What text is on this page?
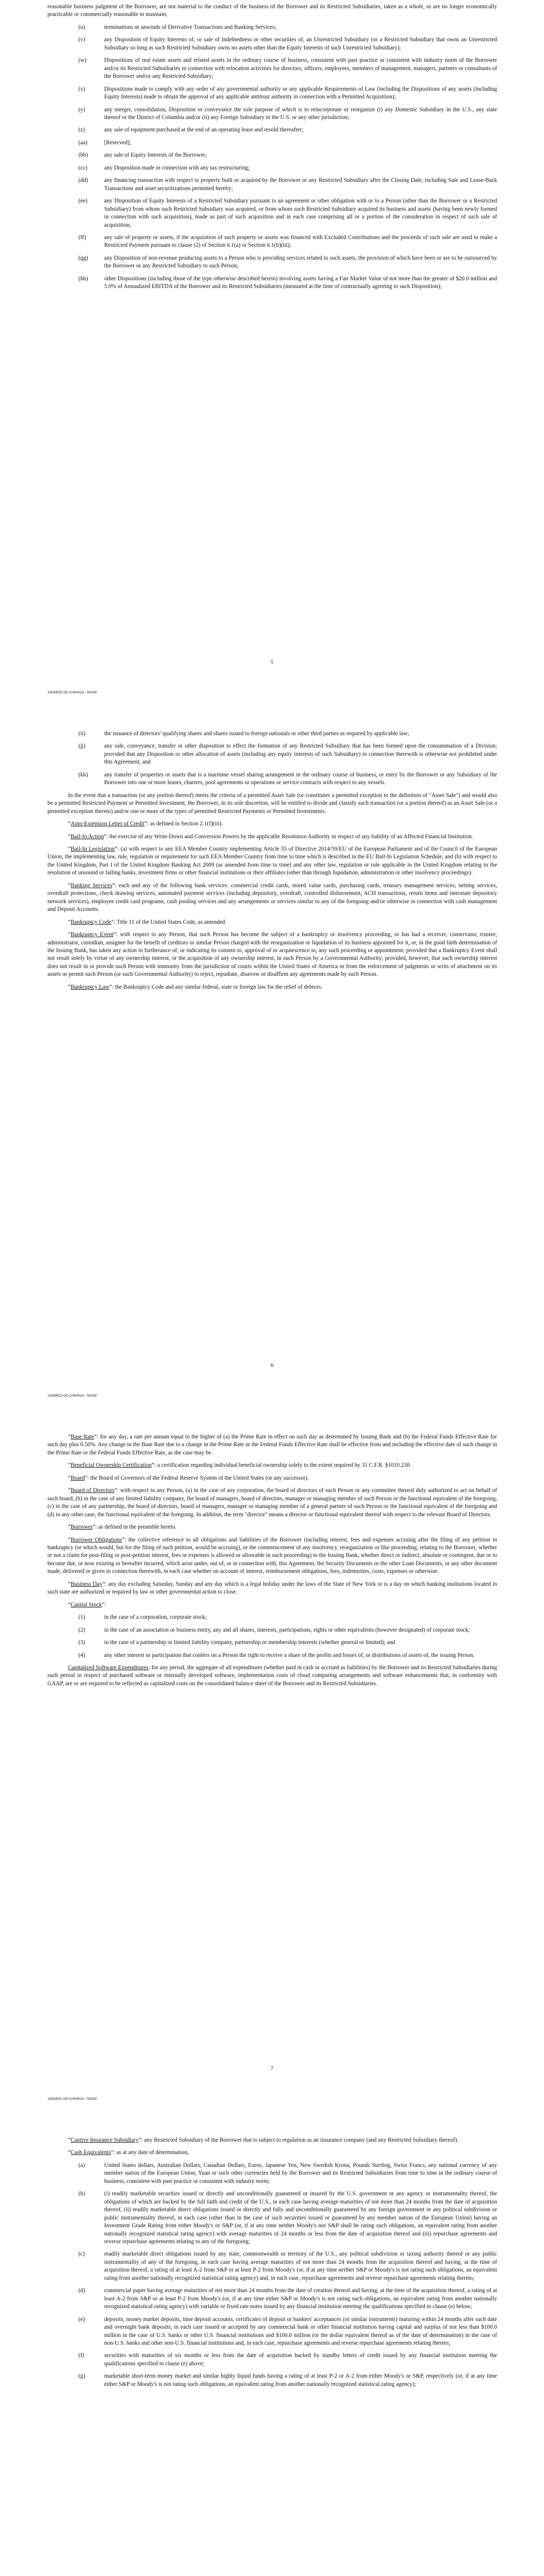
reasonable business judgment of the Borrower, are not material to the conduct of the business of the Borrower and its Restricted Subsidiaries, taken as a whole, or are no longer economically practicable or commercially reasonable to maintain;

(u)	terminations or unwinds of Derivative Transactions and Banking Services;
(v)	any Disposition of Equity Interests of, or sale of Indebtedness or other securities of, an Unrestricted Subsidiary (or a Restricted Subsidiary that owns an Unrestricted Subsidiary so long as such Restricted Subsidiary owns no assets other than the Equity Interests of such Unrestricted Subsidiary);
(w)	Dispositions of real estate assets and related assets in the ordinary course of business, consistent with past practice or consistent with industry norm of the Borrower and/or its Restricted Subsidiaries in connection with relocation activities for directors, officers, employees, members of management, managers, partners or consultants of the Borrower and/or any Restricted Subsidiary;
(x)	Dispositions made to comply with any order of any governmental authority or any applicable Requirements of Law (including the Dispositions of any assets (including Equity Interests) made to obtain the approval of any applicable antitrust authority in connection with a Permitted Acquisition);
(y)	any merger, consolidation, Disposition or conveyance the sole purpose of which is to reincorporate or reorganize (i) any Domestic Subsidiary in the U.S., any state thereof or the District of Columbia and/or (ii) any Foreign Subsidiary in the U.S. or any other jurisdiction;
(z)	any sale of equipment purchased at the end of an operating lease and resold thereafter;
(aa)	[Reserved];
(bb)	any sale of Equity Interests of the Borrower;
(cc)	any Disposition made in connection with any tax restructuring;
(dd)	any financing transaction with respect to property built or acquired by the Borrower or any Restricted Subsidiary after the Closing Date, including Sale and Lease-Back Transactions and asset securitizations permitted hereby;
(ee)	any Disposition of Equity Interests of a Restricted Subsidiary pursuant to an agreement or other obligation with or to a Person (other than the Borrower or a Restricted Subsidiary) from whom such Restricted Subsidiary was acquired, or from whom such Restricted Subsidiary acquired its business and assets (having been newly formed in connection with such acquisition), made as part of such acquisition and in each case comprising all or a portion of the consideration in respect of such sale of acquisition;
(ff)	any sale of property or assets, if the acquisition of such property or assets was financed with Excluded Contributions and the proceeds of such sale are used to make a Restricted Payment pursuant to clause (2) of Section 6.1(a) or Section 6.1(b)(iii);
(gg)	any Disposition of non-revenue producing assets to a Person who is providing services related to such assets, the provision of which have been or are to be outsourced by the Borrower or any Restricted Subsidiary to such Person;
(hh)	other Dispositions (including those of the type otherwise described herein) involving assets having a Fair Market Value of not more than the greater of $20.0 million and 5.0% of Annualized EBITDA of the Borrower and its Restricted Subsidiaries (measured at the time of contractually agreeing to such Disposition);
5
10NMDD-06-CHKRGA - MSIM
(ii)	the issuance of directors' qualifying shares and shares issued to foreign nationals or other third parties as required by applicable law;
(jj)	any sale, conveyance, transfer or other disposition to effect the formation of any Restricted Subsidiary that has been formed upon the consummation of a Division; provided that any Disposition or other allocation of assets (including any equity interests of such Subsidiary) in connection therewith is otherwise not prohibited under this Agreement; and
(kk)	any transfer of properties or assets that is a maritime vessel sharing arrangement in the ordinary course of business, or entry by the Borrower or any Subsidiary of the Borrower into one or more leases, charters, pool agreements or operations or service contracts with respect to any vessels.

In the event that a transaction (or any portion thereof) meets the criteria of a permitted Asset Sale (or constitutes a permitted exception to the definition of "Asset Sale") and would also be a permitted Restricted Payment or Permitted Investment, the Borrower, in its sole discretion, will be entitled to divide and classify such transaction (or a portion thereof) as an Asset Sale (or a permitted exception thereto) and/or one or more of the types of permitted Restricted Payments or Permitted Investments.

“Auto-Extension Letter of Credit”: as defined in Section 2.1(f)(iii).

“Bail-In Action”: the exercise of any Write-Down and Conversion Powers by the applicable Resolution Authority in respect of any liability of an Affected Financial Institution.

“Bail-In Legislation”: (a) with respect to any EEA Member Country implementing Article 55 of Directive 2014/59/EU of the European Parliament and of the Council of the European Union, the implementing law, rule, regulation or requirement for such EEA Member Country from time to time which is described in the EU Bail-In Legislation Schedule, and (b) with respect to the United Kingdom, Part I of the United Kingdom Banking Act 2009 (as amended from time to time) and any other law, regulation or rule applicable in the United Kingdom relating to the resolution of unsound or failing banks, investment firms or other financial institutions or their affiliates (other than through liquidation, administration or other insolvency proceedings).

“Banking Services”: each and any of the following bank services: commercial credit cards, stored value cards, purchasing cards, treasury management services, netting services, overdraft protections, check drawing services, automated payment services (including depository, overdraft, controlled disbursement, ACH transactions, return items and interstate depository network services), employee credit card programs, cash pooling services and any arrangements or services similar to any of the foregoing and/or otherwise in connection with cash management and Deposit Accounts.

“Bankruptcy Code”: Title 11 of the United States Code, as amended.

“Bankruptcy Event”: with respect to any Person, that such Person has become the subject of a bankruptcy or insolvency proceeding, or has had a receiver, conservator, trustee, administrator, custodian, assignee for the benefit of creditors or similar Person charged with the reorganization or liquidation of its business appointed for it, or, in the good faith determination of the Issuing Bank, has taken any action in furtherance of, or indicating its consent to, approval of or acquiescence in, any such proceeding or appointment; provided that a Bankruptcy Event shall not result solely by virtue of any ownership interest, or the acquisition of any ownership interest, in such Person by a Governmental Authority; provided, however, that such ownership interest does not result in or provide such Person with immunity from the jurisdiction of courts within the United States of America or from the enforcement of judgments or writs of attachment on its assets or permit such Person (or such Governmental Authority) to reject, repudiate, disavow or disaffirm any agreements made by such Person.

“Bankruptcy Law”: the Bankruptcy Code and any similar federal, state or foreign law for the relief of debtors.

6
10NMDD-06-CHKRGA - MSIM

“Base Rate”: for any day, a rate per annum equal to the higher of (a) the Prime Rate in effect on such day as determined by Issuing Bank and (b) the Federal Funds Effective Rate for such day plus 0.50%. Any change in the Base Rate due to a change in the Prime Rate or the Federal Funds Effective Rate shall be effective from and including the effective date of such change in the Prime Rate or the Federal Funds Effective Rate, as the case may be.

“Beneficial Ownership Certification”: a certification regarding individual beneficial ownership solely to the extent required by 31 C.F.R. §1010.230.

“Board”: the Board of Governors of the Federal Reserve System of the United States (or any successor).

“Board of Directors”: with respect to any Person, (a) in the case of any corporation, the board of directors of such Person or any committee thereof duly authorized to act on behalf of such board, (b) in the case of any limited liability company, the board of managers, board of directors, manager or managing member of such Person or the functional equivalent of the foregoing, (c) in the case of any partnership, the board of directors, board of managers, manager or managing member of a general partner of such Person or the functional equivalent of the foregoing and (d) in any other case, the functional equivalent of the foregoing. In addition, the term "director" means a director or functional equivalent thereof with respect to the relevant Board of Directors.

“Borrower”: as defined in the preamble hereto.

“Borrower Obligations”: the collective reference to all obligations and liabilities of the Borrower (including interest, fees and expenses accruing after the filing of any petition in bankruptcy (or which would, but for the filing of such petition, would be accruing), or the commencement of any insolvency, reorganization or like proceeding, relating to the Borrower, whether or not a claim for post-filing or post-petition interest, fees or expenses is allowed or allowable in such proceeding) to the Issuing Bank, whether direct or indirect, absolute or contingent, due or to become due, or now existing or hereafter incurred, which arise under, out of, or in connection with, this Agreement, the Security Documents or the other Loan Documents, or any other document made, delivered or given in connection therewith, in each case whether on account of interest, reimbursement obligations, fees, indemnities, costs, expenses or otherwise.

“Business Day”: any day excluding Saturday, Sunday and any day which is a legal holiday under the laws of the State of New York or is a day on which banking institutions located in such state are authorized or required by law or other governmental action to close.

“Capital Stock”:

(1)	in the case of a corporation, corporate stock;
(2)	in the case of an association or business entity, any and all shares, interests, participations, rights or other equivalents (however designated) of corporate stock;
(3)	in the case of a partnership or limited liability company, partnership or membership interests (whether general or limited); and
(4)	any other interest or participation that confers on a Person the right to receive a share of the profits and losses of, or distributions of assets of, the issuing Person.

Capitalized Software Expenditures: for any period, the aggregate of all expenditures (whether paid in cash or accrued as liabilities) by the Borrower and its Restricted Subsidiaries during such period in respect of purchased software or internally developed software, implementation costs of cloud computing arrangements and software enhancements that, in conformity with GAAP, are or are required to be reflected as capitalized costs on the consolidated balance sheet of the Borrower and its Restricted Subsidiaries.

7
10NMDD-06-CHKRGA - MSIM

“Captive Insurance Subsidiary”: any Restricted Subsidiary of the Borrower that is subject to regulation as an insurance company (and any Restricted Subsidiary thereof).

“Cash Equivalents”: as at any date of determination,

(a)	United States dollars, Australian Dollars, Canadian Dollars, Euros, Japanese Yen, New Swedish Krona, Pounds Sterling, Swiss Francs, any national currency of any member nation of the European Union, Yuan or such other currencies held by the Borrower and its Restricted Subsidiaries from time to time in the ordinary course of business, consistent with past practice or consistent with industry norm;
(b)	(i) readily marketable securities issued or directly and unconditionally guaranteed or insured by the U.S. government or any agency or instrumentality thereof, the obligations of which are backed by the full faith and credit of the U.S., in each case having average maturities of not more than 24 months from the date of acquisition thereof, (ii) readily marketable direct obligations issued or directly and fully and unconditionally guaranteed by any foreign government or any political subdivision or public instrumentality thereof, in each case (other than in the case of such securities issued or guaranteed by any member nation of the European Union) having an Investment Grade Rating from either Moody's or S&P (or, if at any time neither Moody's nor S&P shall be rating such obligations, an equivalent rating from another nationally recognized statistical rating agency) with average maturities of 24 months or less from the date of acquisition thereof and (iii) repurchase agreements and reverse repurchase agreements relating to any of the foregoing;
(c)	readily marketable direct obligations issued by any state, commonwealth or territory of the U.S., any political subdivision or taxing authority thereof or any public instrumentality of any of the foregoing, in each case having average maturities of not more than 24 months from the acquisition thereof and having, at the time of acquisition thereof, a rating of at least A-2 from S&P or at least P-2 from Moody's (or, if at any time neither S&P or Moody's is not rating such obligations, an equivalent rating from another nationally recognized statistical rating agency) and, in each case, repurchase agreements and reverse repurchase agreements relating thereto;
(d)	commercial paper having average maturities of not more than 24 months from the date of creation thereof and having, at the time of the acquisition thereof, a rating of at least A-2 from S&P or at least P-2 from Moody's (or, if at any time either S&P or Moody's is not rating such obligations, an equivalent rating from another nationally recognized statistical rating agency) with variable or fixed rate notes issued by any financial institution meeting the qualifications specified in clause (e) below;
(e)	deposits, money market deposits, time deposit accounts, certificates of deposit or bankers' acceptances (or similar instruments) maturing within 24 months after such date and overnight bank deposits, in each case issued or accepted by any commercial bank or other financial institution having capital and surplus of not less than $100.0 million in the case of U.S. banks or other U.S. financial institutions and $100.0 million (or the dollar equivalent thereof as of the date of determination) in the case of non-U.S. banks and other non-U.S. financial institutions and, in each case, repurchase agreements and reverse repurchase agreements relating thereto;
(f)	securities with maturities of six months or less from the date of acquisition backed by standby letters of credit issued by any financial institution meeting the qualifications specified in clause (e) above;
(g)	marketable short-term money market and similar highly liquid funds having a rating of at least P-2 or A-2 from either Moody's or S&P, respectively (or, if at any time either S&P or Moody's is not rating such obligations, an equivalent rating from another nationally recognized statistical rating agency);
